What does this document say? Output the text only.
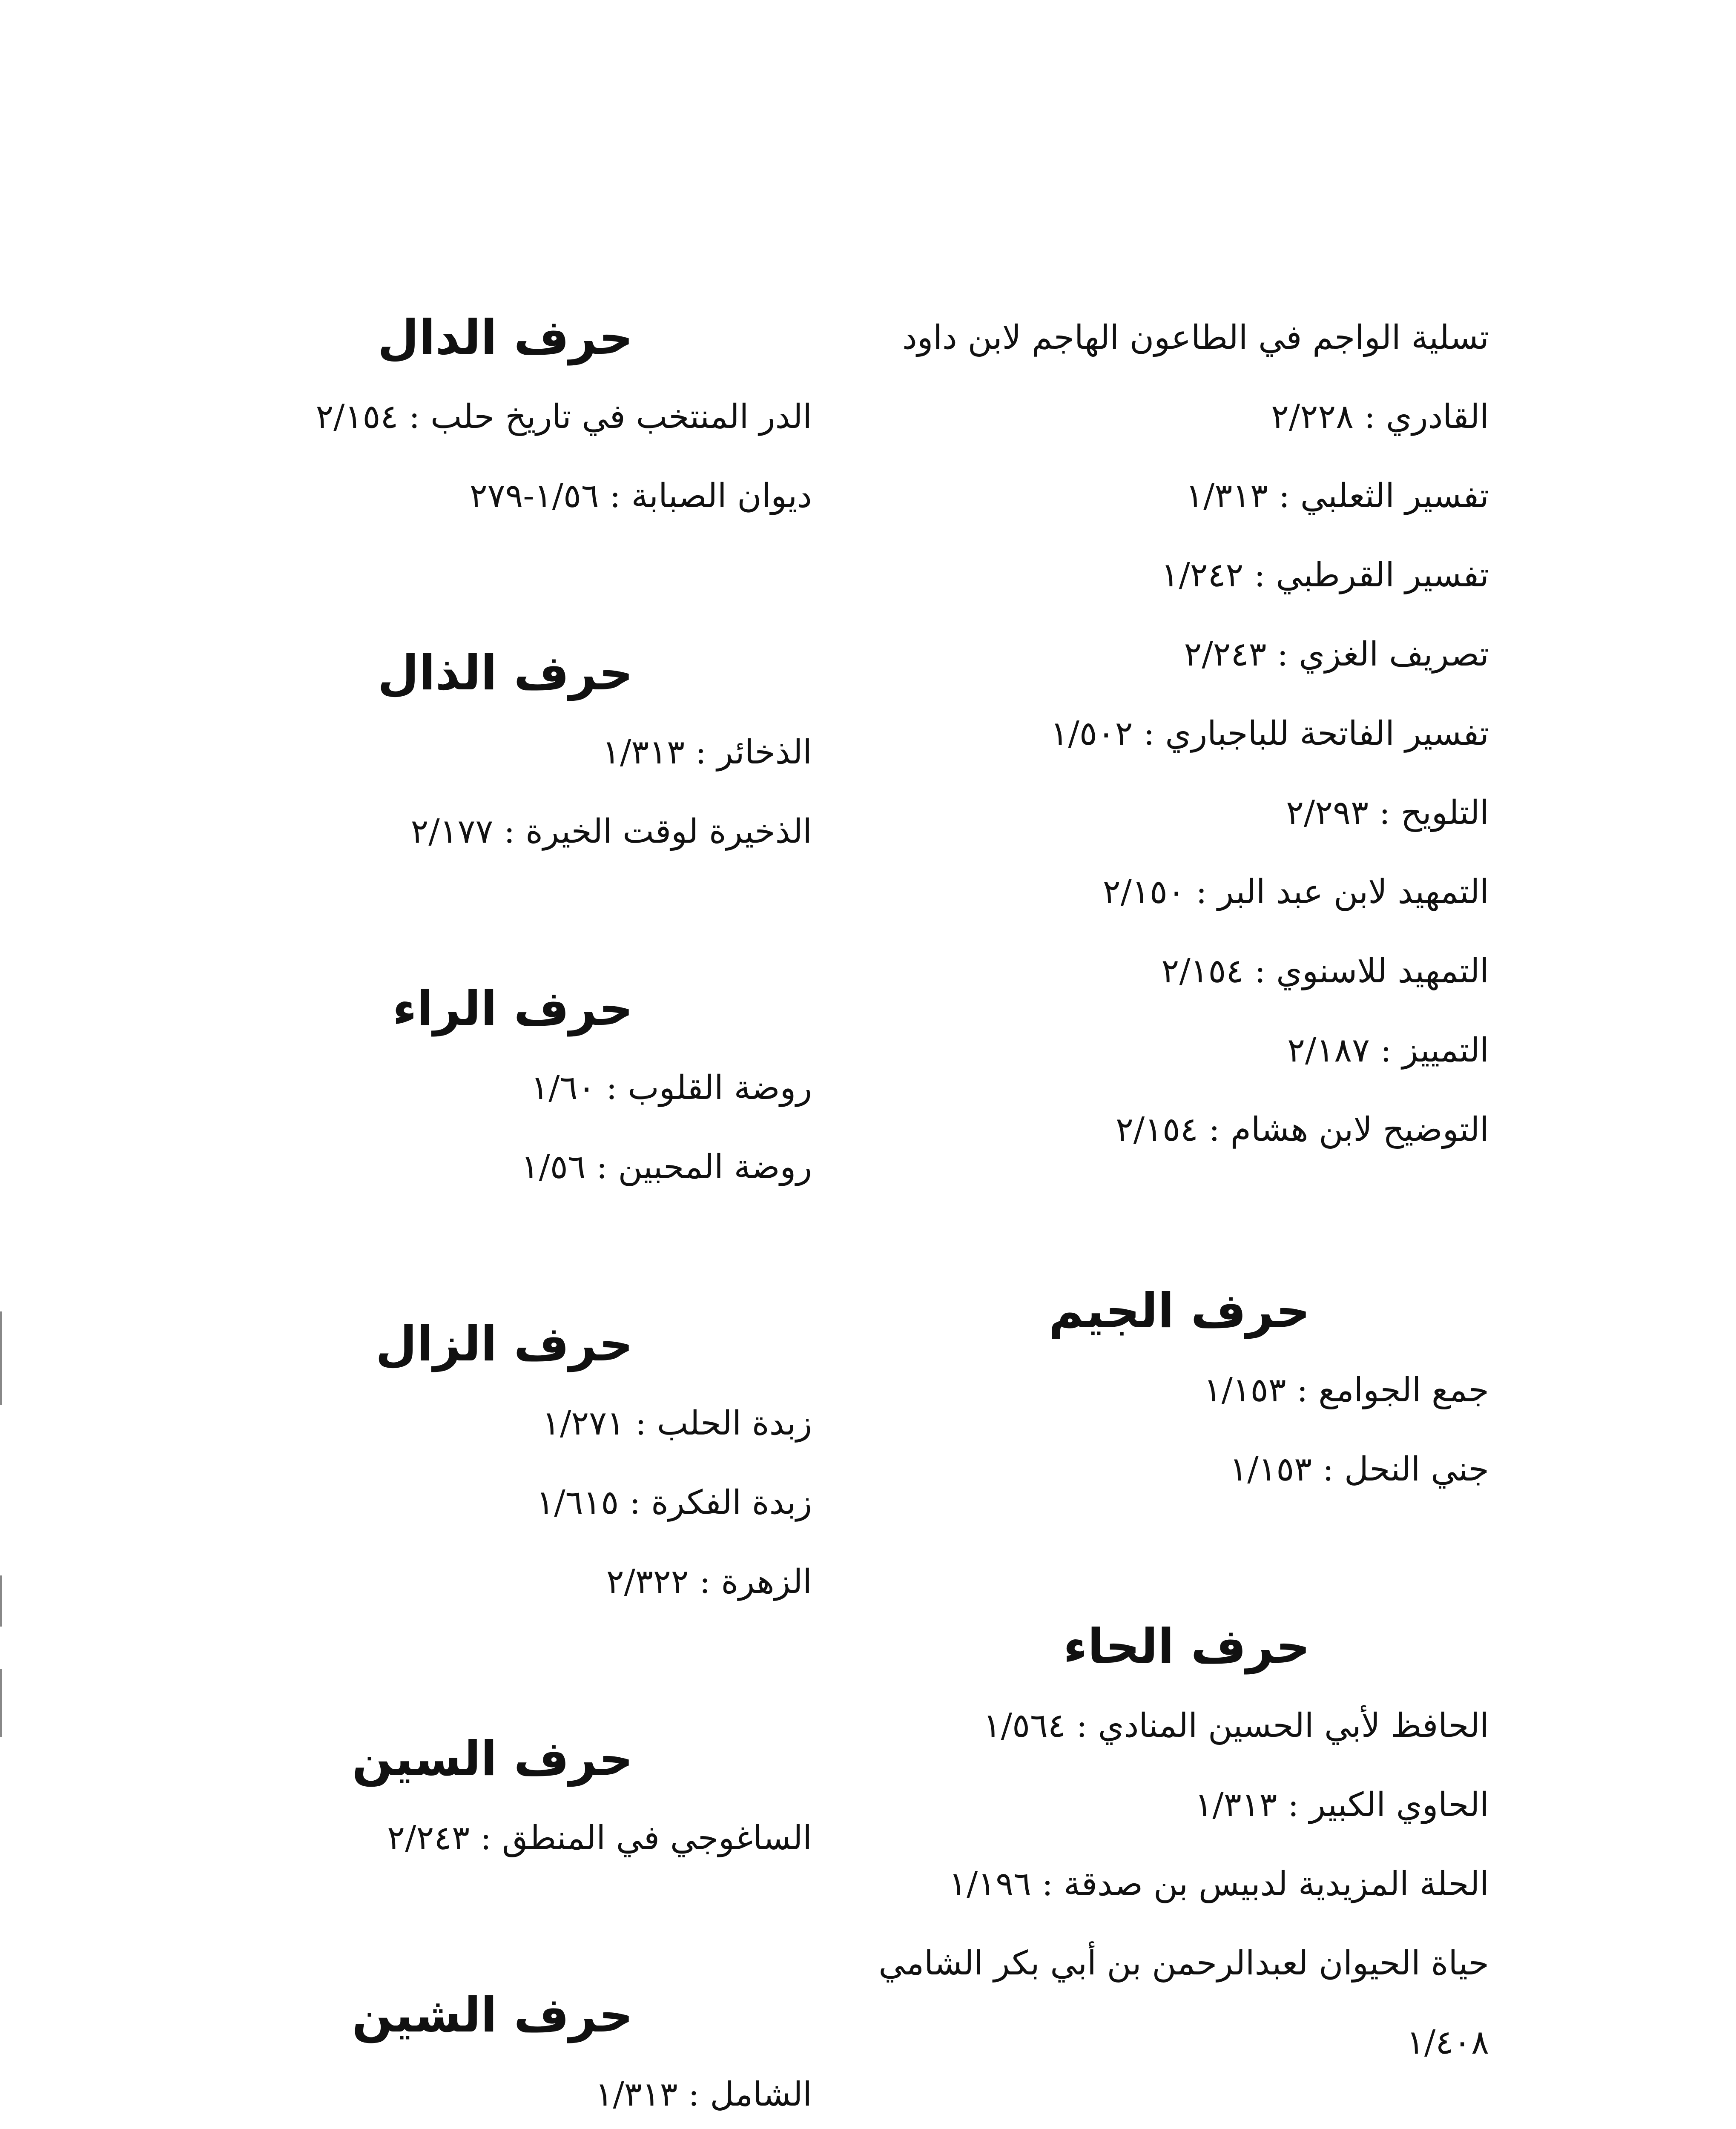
تسلية الواجم في الطاعون الهاجم لابن داود

القادري : ٢/٢٢٨

تفسير الثعلبي : ١/٣١٣

تفسير القرطبي : ١/٢٤٢

تصريف الغزي : ٢/٢٤٣

تفسير الفاتحة للباجباري : ١/٥٠٢

التلويح : ٢/٢٩٣

التمهيد لابن عبد البر : ٢/١٥٠

التمهيد للاسنوي : ٢/١٥٤

التمييز : ٢/١٨٧

التوضيح لابن هشام : ٢/١٥٤

حرف الجيم

جمع الجوامع : ١/١٥٣

جني النحل : ١/١٥٣

حرف الحاء

الحافظ لأبي الحسين المنادي : ١/٥٦٤

الحاوي الكبير : ١/٣١٣

الحلة المزيدية لدبيس بن صدقة : ١/١٩٦

حياة الحيوان لعبدالرحمن بن أبي بكر الشامي

١/٤٠٨

حرف الدال

الدر المنتخب في تاريخ حلب : ٢/١٥٤

ديوان الصبابة : ١/٥٦-٢٧٩

حرف الذال

الذخائر : ١/٣١٣

الذخيرة لوقت الخيرة : ٢/١٧٧

حرف الراء

روضة القلوب : ١/٦٠

روضة المحبين : ١/٥٦

حرف الزال

زبدة الحلب : ١/٢٧١

زبدة الفكرة : ١/٦١٥

الزهرة : ٢/٣٢٢

حرف السين

الساغوجي في المنطق : ٢/٢٤٣

حرف الشين

الشامل : ١/٣١٣
